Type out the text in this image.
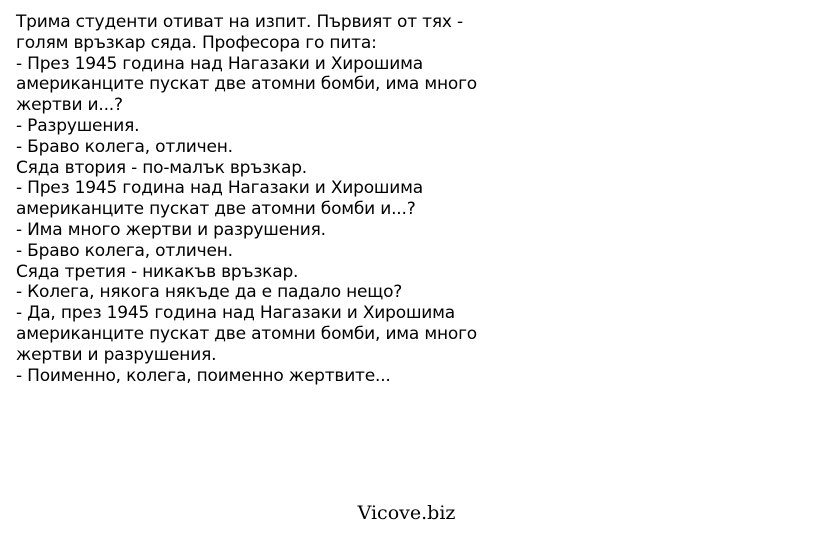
Трима студенти отиват на изпит. Първият от тях -
голям връзкар сяда. Професора го пита:
- През 1945 година над Нагазаки и Хирошима
американците пускат две атомни бомби, има много
жертви и...?
- Разрушения.
- Браво колега, отличен.
Сяда втория - по-малък връзкар.
- През 1945 година над Нагазаки и Хирошима
американците пускат две атомни бомби и...?
- Има много жертви и разрушения.
- Браво колега, отличен.
Сяда третия - никакъв връзкар.
- Колега, някога някъде да е падало нещо?
- Да, през 1945 година над Нагазаки и Хирошима
американците пускат две атомни бомби, има много
жертви и разрушения.
- Поименно, колега, поименно жертвите...
Vicove.biz
